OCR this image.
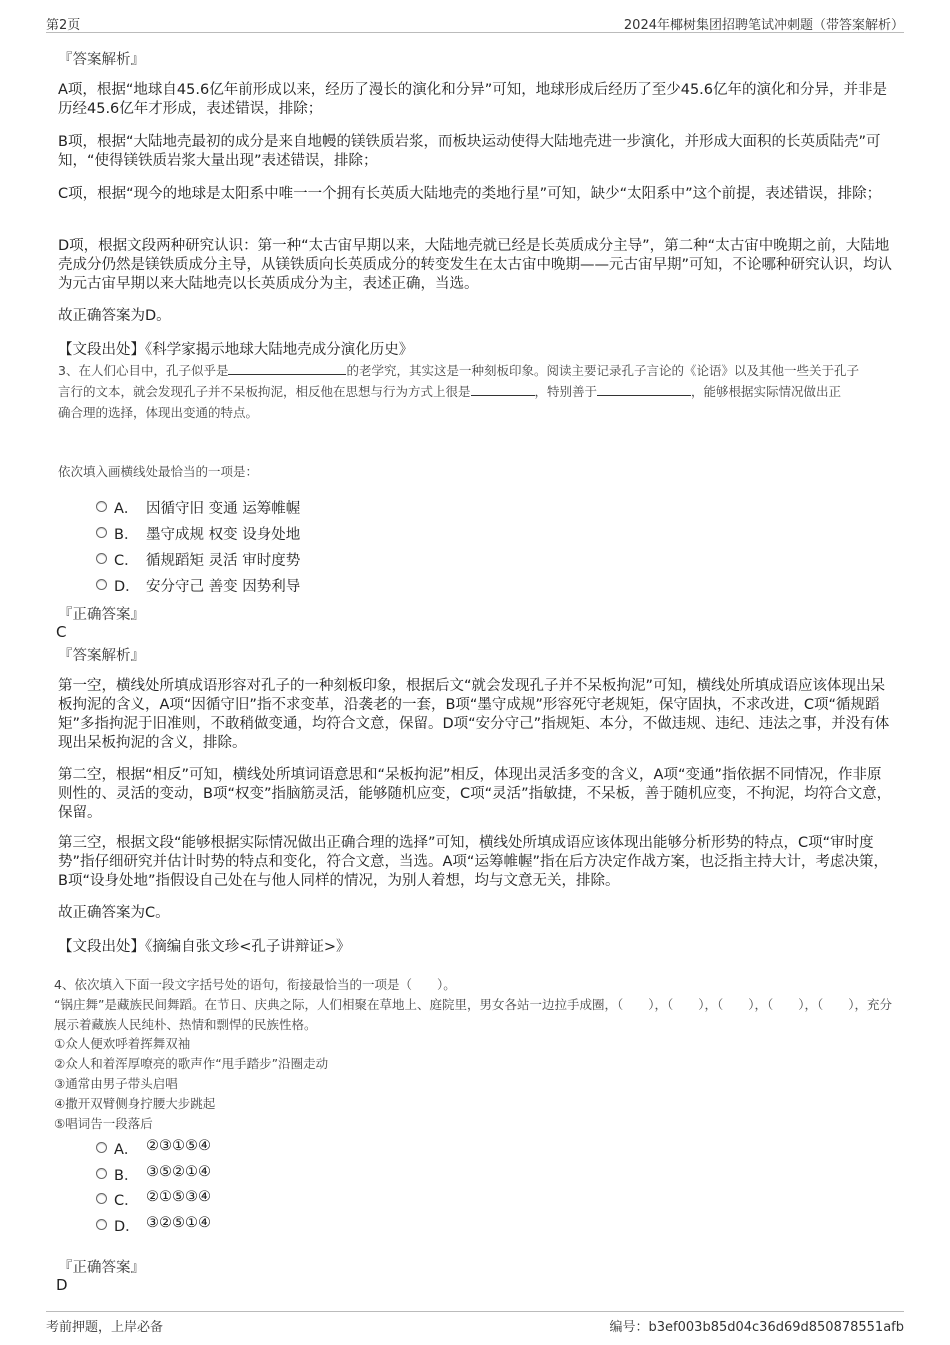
第2页	2024年椰树集团招聘笔试冲刺题（带答案解析）
『答案解析』
A项，根据“地球自45.6亿年前形成以来，经历了漫长的演化和分异”可知，地球形成后经历了至少45.6亿年的演化和分异，并非是历经45.6亿年才形成，表述错误，排除；
B项，根据“大陆地壳最初的成分是来自地幔的镁铁质岩浆，而板块运动使得大陆地壳进一步演化，并形成大面积的长英质陆壳”可知，“使得镁铁质岩浆大量出现”表述错误，排除；
C项，根据“现今的地球是太阳系中唯一一个拥有长英质大陆地壳的类地行星”可知，缺少“太阳系中”这个前提，表述错误，排除；
D项，根据文段两种研究认识：第一种“太古宙早期以来，大陆地壳就已经是长英质成分主导”，第二种“太古宙中晚期之前，大陆地壳成分仍然是镁铁质成分主导，从镁铁质向长英质成分的转变发生在太古宙中晚期——元古宙早期”可知，不论哪种研究认识，均认为元古宙早期以来大陆地壳以长英质成分为主，表述正确，当选。
故正确答案为D。
【文段出处】《科学家揭示地球大陆地壳成分演化历史》
3、在人们心目中，孔子似乎是	的老学究，其实这是一种刻板印象。阅读主要记录孔子言论的《论语》以及其他一些关于孔子
言行的文本，就会发现孔子并不呆板拘泥，相反他在思想与行为方式上很是	，特别善于	，能够根据实际情况做出正
确合理的选择，体现出变通的特点。
依次填入画横线处最恰当的一项是：
A． 因循守旧 变通 运筹帷幄
B． 墨守成规 权变 设身处地
C． 循规蹈矩 灵活 审时度势
D． 安分守己 善变 因势利导
『正确答案』
C
『答案解析』
第一空，横线处所填成语形容对孔子的一种刻板印象，根据后文“就会发现孔子并不呆板拘泥”可知，横线处所填成语应该体现出呆板拘泥的含义，A项“因循守旧”指不求变革，沿袭老的一套，B项“墨守成规”形容死守老规矩，保守固执，不求改进，C项“循规蹈矩”多指拘泥于旧准则，不敢稍做变通，均符合文意，保留。D项“安分守己”指规矩、本分，不做违规、违纪、违法之事，并没有体现出呆板拘泥的含义，排除。
第二空，根据“相反”可知，横线处所填词语意思和“呆板拘泥”相反，体现出灵活多变的含义，A项“变通”指依据不同情况，作非原则性的、灵活的变动，B项“权变”指脑筋灵活，能够随机应变，C项“灵活”指敏捷，不呆板，善于随机应变，不拘泥，均符合文意，保留。
第三空，根据文段“能够根据实际情况做出正确合理的选择”可知，横线处所填成语应该体现出能够分析形势的特点，C项“审时度势”指仔细研究并估计时势的特点和变化，符合文意，当选。A项“运筹帷幄”指在后方决定作战方案，也泛指主持大计，考虑决策，B项“设身处地”指假设自己处在与他人同样的情况，为别人着想，均与文意无关，排除。
故正确答案为C。
【文段出处】《摘编自张文珍<孔子讲辩证>》
4、依次填入下面一段文字括号处的语句，衔接最恰当的一项是（　　）。
“锅庄舞”是藏族民间舞蹈。在节日、庆典之际，人们相聚在草地上、庭院里，男女各站一边拉手成圈，（　　），（　　），（　　），（　　），（　　），充分展示着藏族人民纯朴、热情和剽悍的民族性格。
①众人便欢呼着挥舞双袖
②众人和着浑厚嘹亮的歌声作“甩手踏步”沿圈走动
③通常由男子带头启唱
④撒开双臂侧身拧腰大步跳起
⑤唱词告一段落后
A． ②③①⑤④
B． ③⑤②①④
C． ②①⑤③④
D． ③②⑤①④
『正确答案』
D
考前押题，上岸必备	编号：b3ef003b85d04c36d69d850878551afb
